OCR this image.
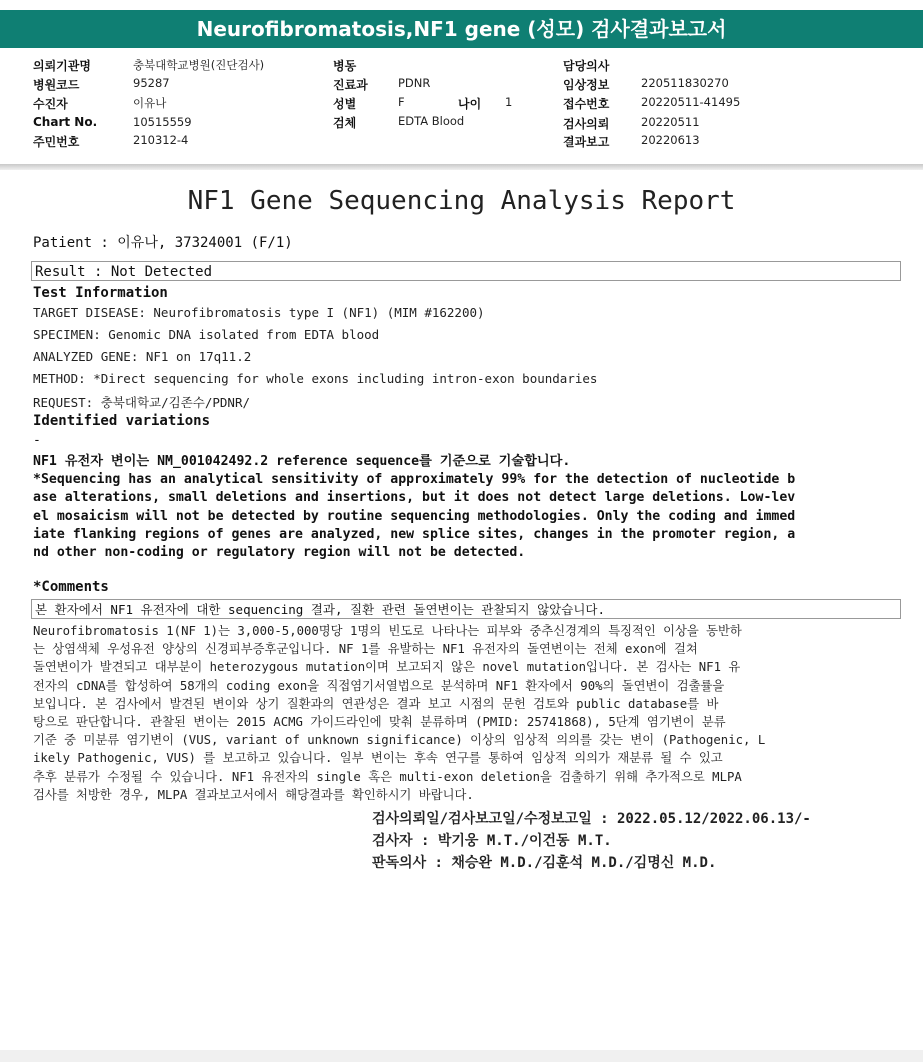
Neurofibromatosis,NF1 gene (성모) 검사결과보고서
의뢰기관명	충북대학교병원(진단검사)
병원코드	95287
수진자	이유나
Chart No.	10515559
주민번호	210312-4
병동
진료과	PDNR
성별	F	나이 1
검체	EDTA Blood
담당의사
임상정보	220511830270
접수번호	20220511-41495
검사의뢰	20220511
결과보고	20220613
NF1 Gene Sequencing Analysis Report
Patient : 이유나, 37324001 (F/1)
Result : Not Detected
Test Information
TARGET DISEASE: Neurofibromatosis type I (NF1) (MIM #162200)
SPECIMEN: Genomic DNA isolated from EDTA blood
ANALYZED GENE: NF1 on 17q11.2
METHOD: *Direct sequencing for whole exons including intron-exon boundaries
REQUEST: 충북대학교/김존수/PDNR/
Identified variations
-
NF1 유전자 변이는 NM_001042492.2 reference sequence를 기준으로 기술합니다.
*Sequencing has an analytical sensitivity of approximately 99% for the detection of nucleotide b
ase alterations, small deletions and insertions, but it does not detect large deletions. Low-lev
el mosaicism will not be detected by routine sequencing methodologies. Only the coding and immed
iate flanking regions of genes are analyzed, new splice sites, changes in the promoter region, a
nd other non-coding or regulatory region will not be detected.
*Comments
본 환자에서 NF1 유전자에 대한 sequencing 결과, 질환 관련 돌연변이는 관찰되지 않았습니다.
Neurofibromatosis 1(NF 1)는 3,000-5,000명당 1명의 빈도로 나타나는 피부와 중추신경계의 특징적인 이상을 동반하
는 상염색체 우성유전 양상의 신경피부증후군입니다. NF 1를 유발하는 NF1 유전자의 돌연변이는 전체 exon에 걸쳐
돌연변이가 발견되고 대부분이 heterozygous mutation이며 보고되지 않은 novel mutation입니다. 본 검사는 NF1 유
전자의 cDNA를 합성하여 58개의 coding exon을 직접염기서열법으로 분석하며 NF1 환자에서 90%의 돌연변이 검출률을
보입니다. 본 검사에서 발견된 변이와 상기 질환과의 연관성은 결과 보고 시점의 문헌 검토와 public database를 바
탕으로 판단합니다. 관찰된 변이는 2015 ACMG 가이드라인에 맞춰 분류하며 (PMID: 25741868), 5단계 염기변이 분류
기준 중 미분류 염기변이 (VUS, variant of unknown significance) 이상의 임상적 의의를 갖는 변이 (Pathogenic, L
ikely Pathogenic, VUS) 를 보고하고 있습니다. 일부 변이는 후속 연구를 통하여 임상적 의의가 재분류 될 수 있고
추후 분류가 수정될 수 있습니다. NF1 유전자의 single 혹은 multi-exon deletion을 검출하기 위해 추가적으로 MLPA
검사를 처방한 경우, MLPA 결과보고서에서 해당결과를 확인하시기 바랍니다.
검사의뢰일/검사보고일/수정보고일 : 2022.05.12/2022.06.13/-
검사자 : 박기웅 M.T./이건동 M.T.
판독의사 : 채승완 M.D./김훈석 M.D./김명신 M.D.
